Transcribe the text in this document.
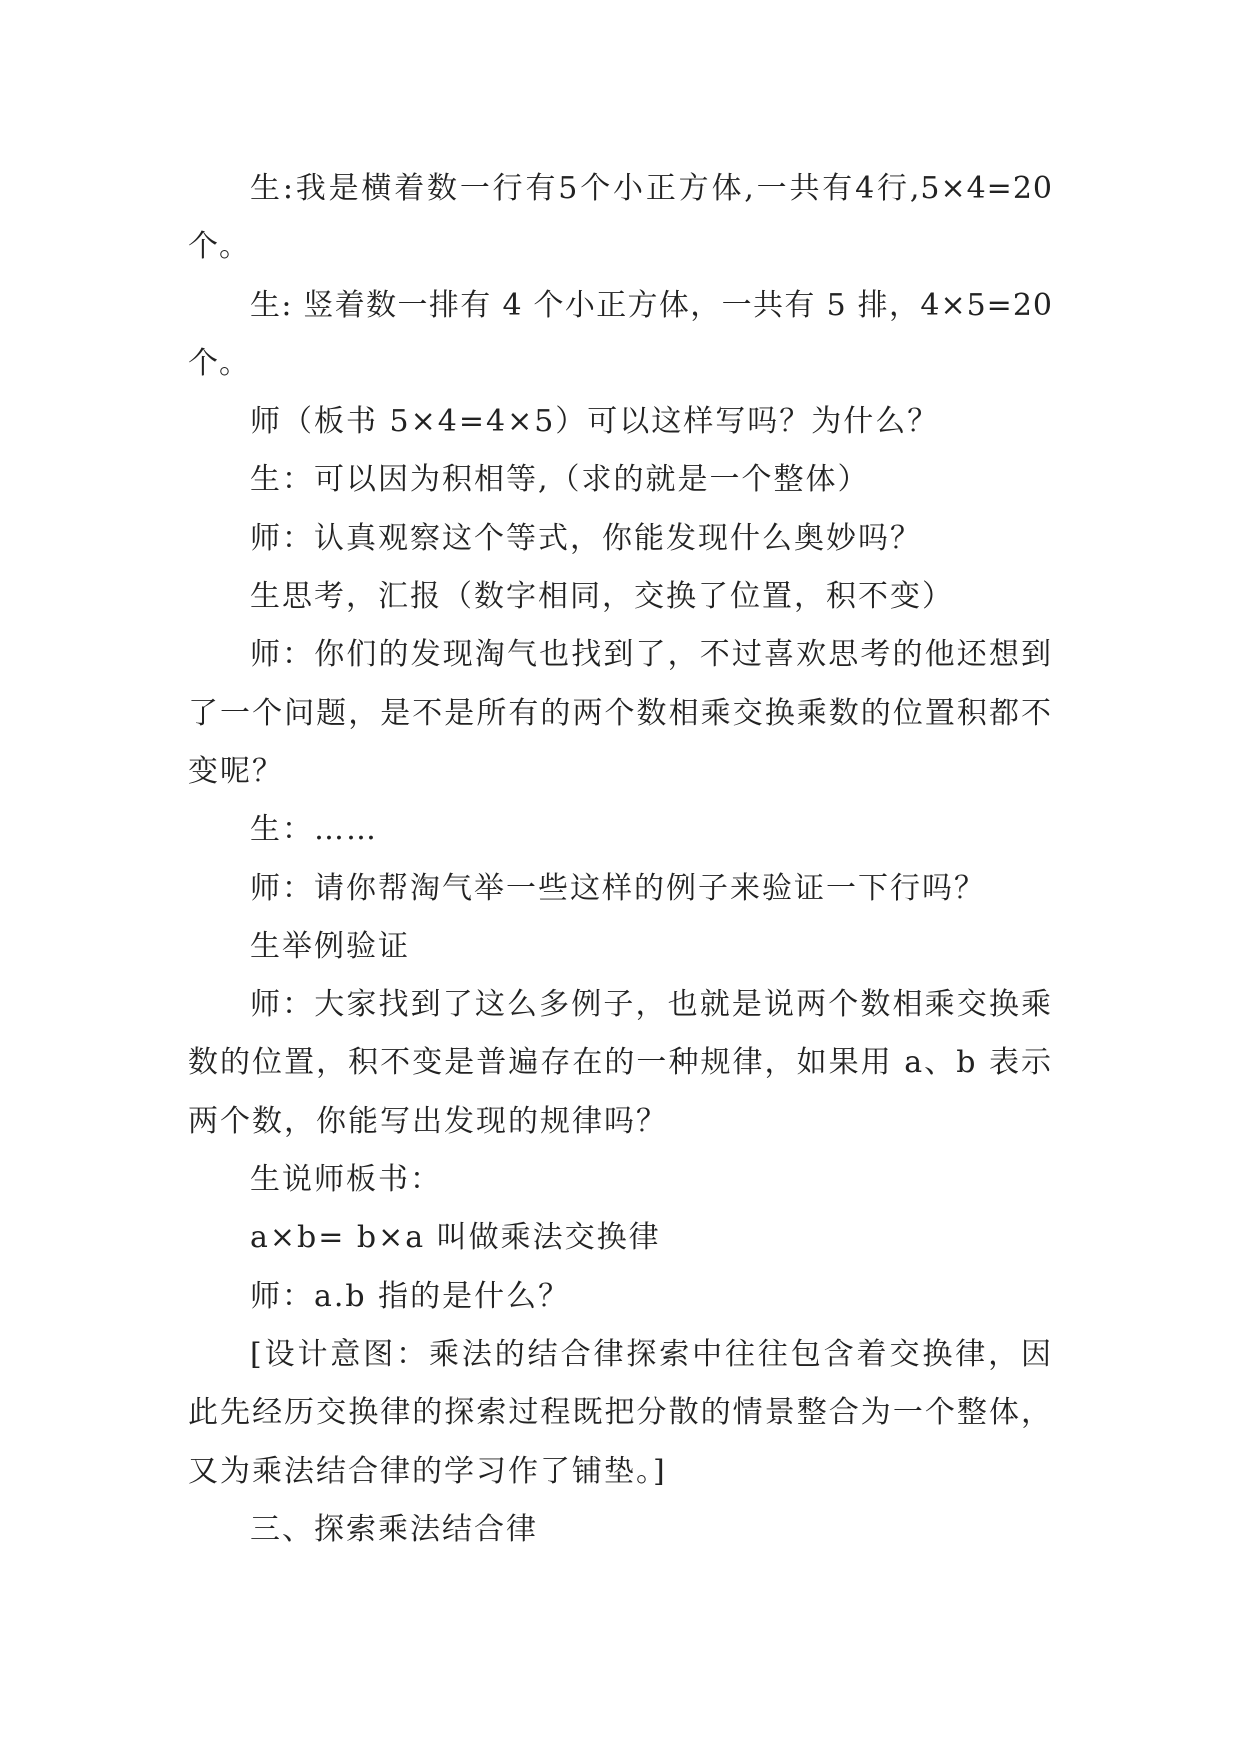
生:我是横着数一行有5个小正方体,一共有4行,5×4=20个。

生: 竖着数一排有 4 个小正方体，一共有 5 排，4×5=20个。

师（板书 5×4=4×5）可以这样写吗？为什么？

生：可以因为积相等,（求的就是一个整体）

师：认真观察这个等式，你能发现什么奥妙吗？

生思考，汇报（数字相同，交换了位置，积不变）

师：你们的发现淘气也找到了，不过喜欢思考的他还想到了一个问题，是不是所有的两个数相乘交换乘数的位置积都不变呢？

生：……

师：请你帮淘气举一些这样的例子来验证一下行吗？

生举例验证

师：大家找到了这么多例子，也就是说两个数相乘交换乘数的位置，积不变是普遍存在的一种规律，如果用 a、b 表示两个数，你能写出发现的规律吗？

生说师板书：

a×b= b×a 叫做乘法交换律

师：a.b 指的是什么？

[设计意图：乘法的结合律探索中往往包含着交换律，因此先经历交换律的探索过程既把分散的情景整合为一个整体，又为乘法结合律的学习作了铺垫。]

三、探索乘法结合律
